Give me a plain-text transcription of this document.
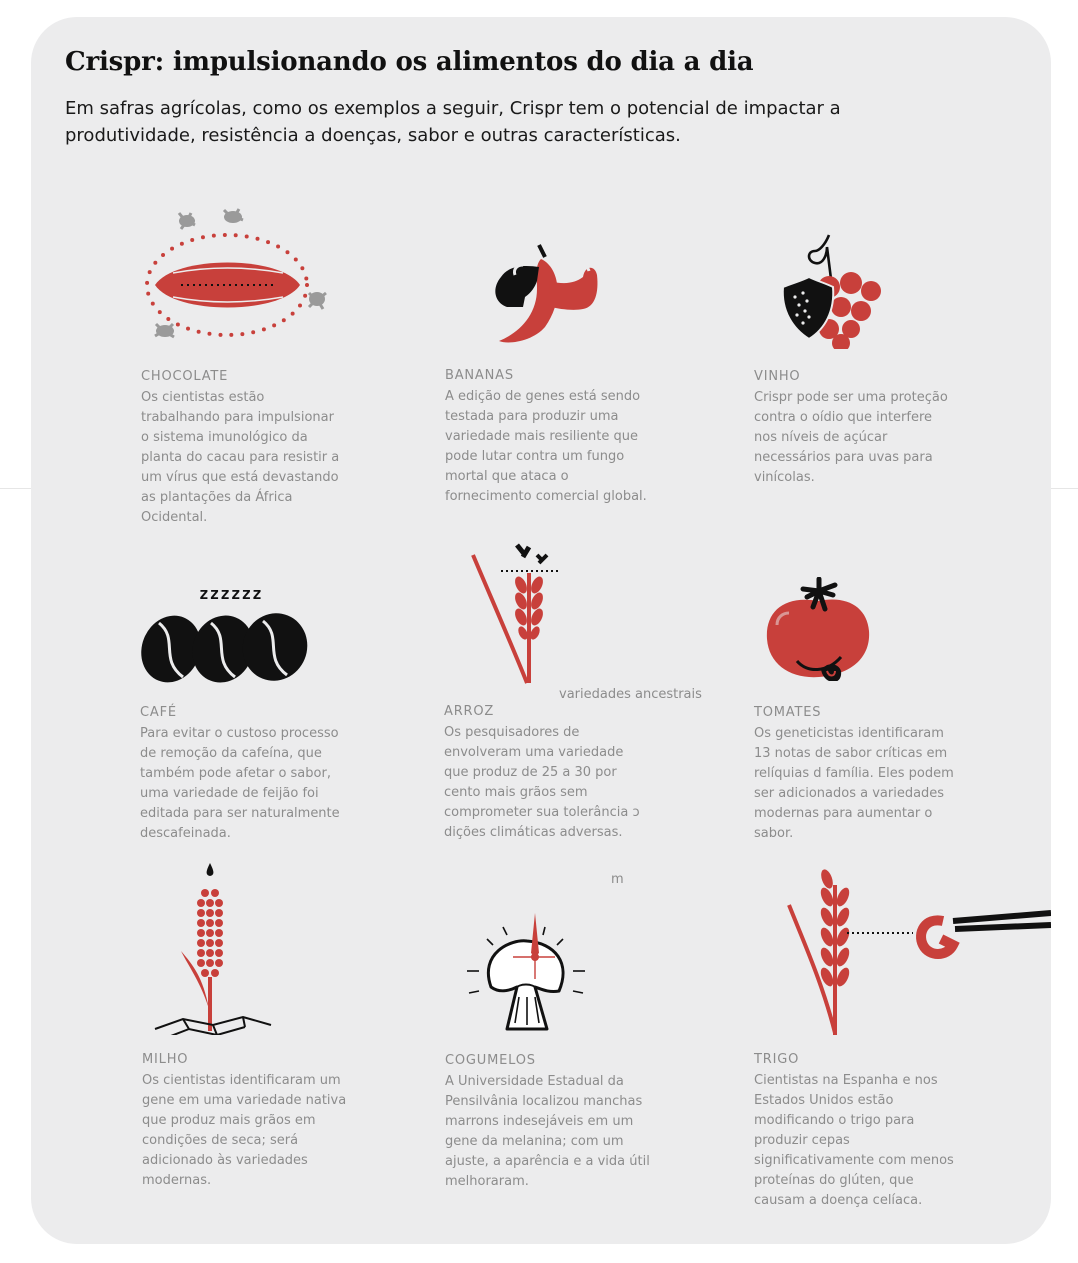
Crispr: impulsionando os alimentos do dia a dia

Em safras agrícolas, como os exemplos a seguir, Crispr tem o potencial de impactar a produtividade, resistência a doenças, sabor e outras características.

CHOCOLATE

Os cientistas estão trabalhando para impulsionar o sistema imunológico da planta do cacau para resistir a um vírus que está devastando as plantações da África Ocidental.

BANANAS

A edição de genes está sendo testada para produzir uma variedade mais resiliente que pode lutar contra um fungo mortal que ataca o fornecimento comercial global.

VINHO

Crispr pode ser uma proteção contra o oídio que interfere nos níveis de açúcar necessários para uvas para vinícolas.

zzzzzz
CAFÉ

Para evitar o custoso processo de remoção da cafeína, que também pode afetar o sabor, uma variedade de feijão foi editada para ser naturalmente descafeinada.

variedades ancestrais
ARROZ

Os pesquisadores de envolveram uma variedade que produz de 25 a 30 por cento mais grãos sem comprometer sua tolerância ɔ dições climáticas adversas.

TOMATES

Os geneticistas identificaram 13 notas de sabor críticas em relíquias d família. Eles podem ser adicionados a variedades modernas para aumentar o sabor.

MILHO

Os cientistas identificaram um gene em uma variedade nativa que produz mais grãos em condições de seca; será adicionado às variedades modernas.

m
COGUMELOS

A Universidade Estadual da Pensilvânia localizou manchas marrons indesejáveis em um gene da melanina; com um ajuste, a aparência e a vida útil melhoraram.

TRIGO

Cientistas na Espanha e nos Estados Unidos estão modificando o trigo para produzir cepas significativamente com menos proteínas do glúten, que causam a doença celíaca.
